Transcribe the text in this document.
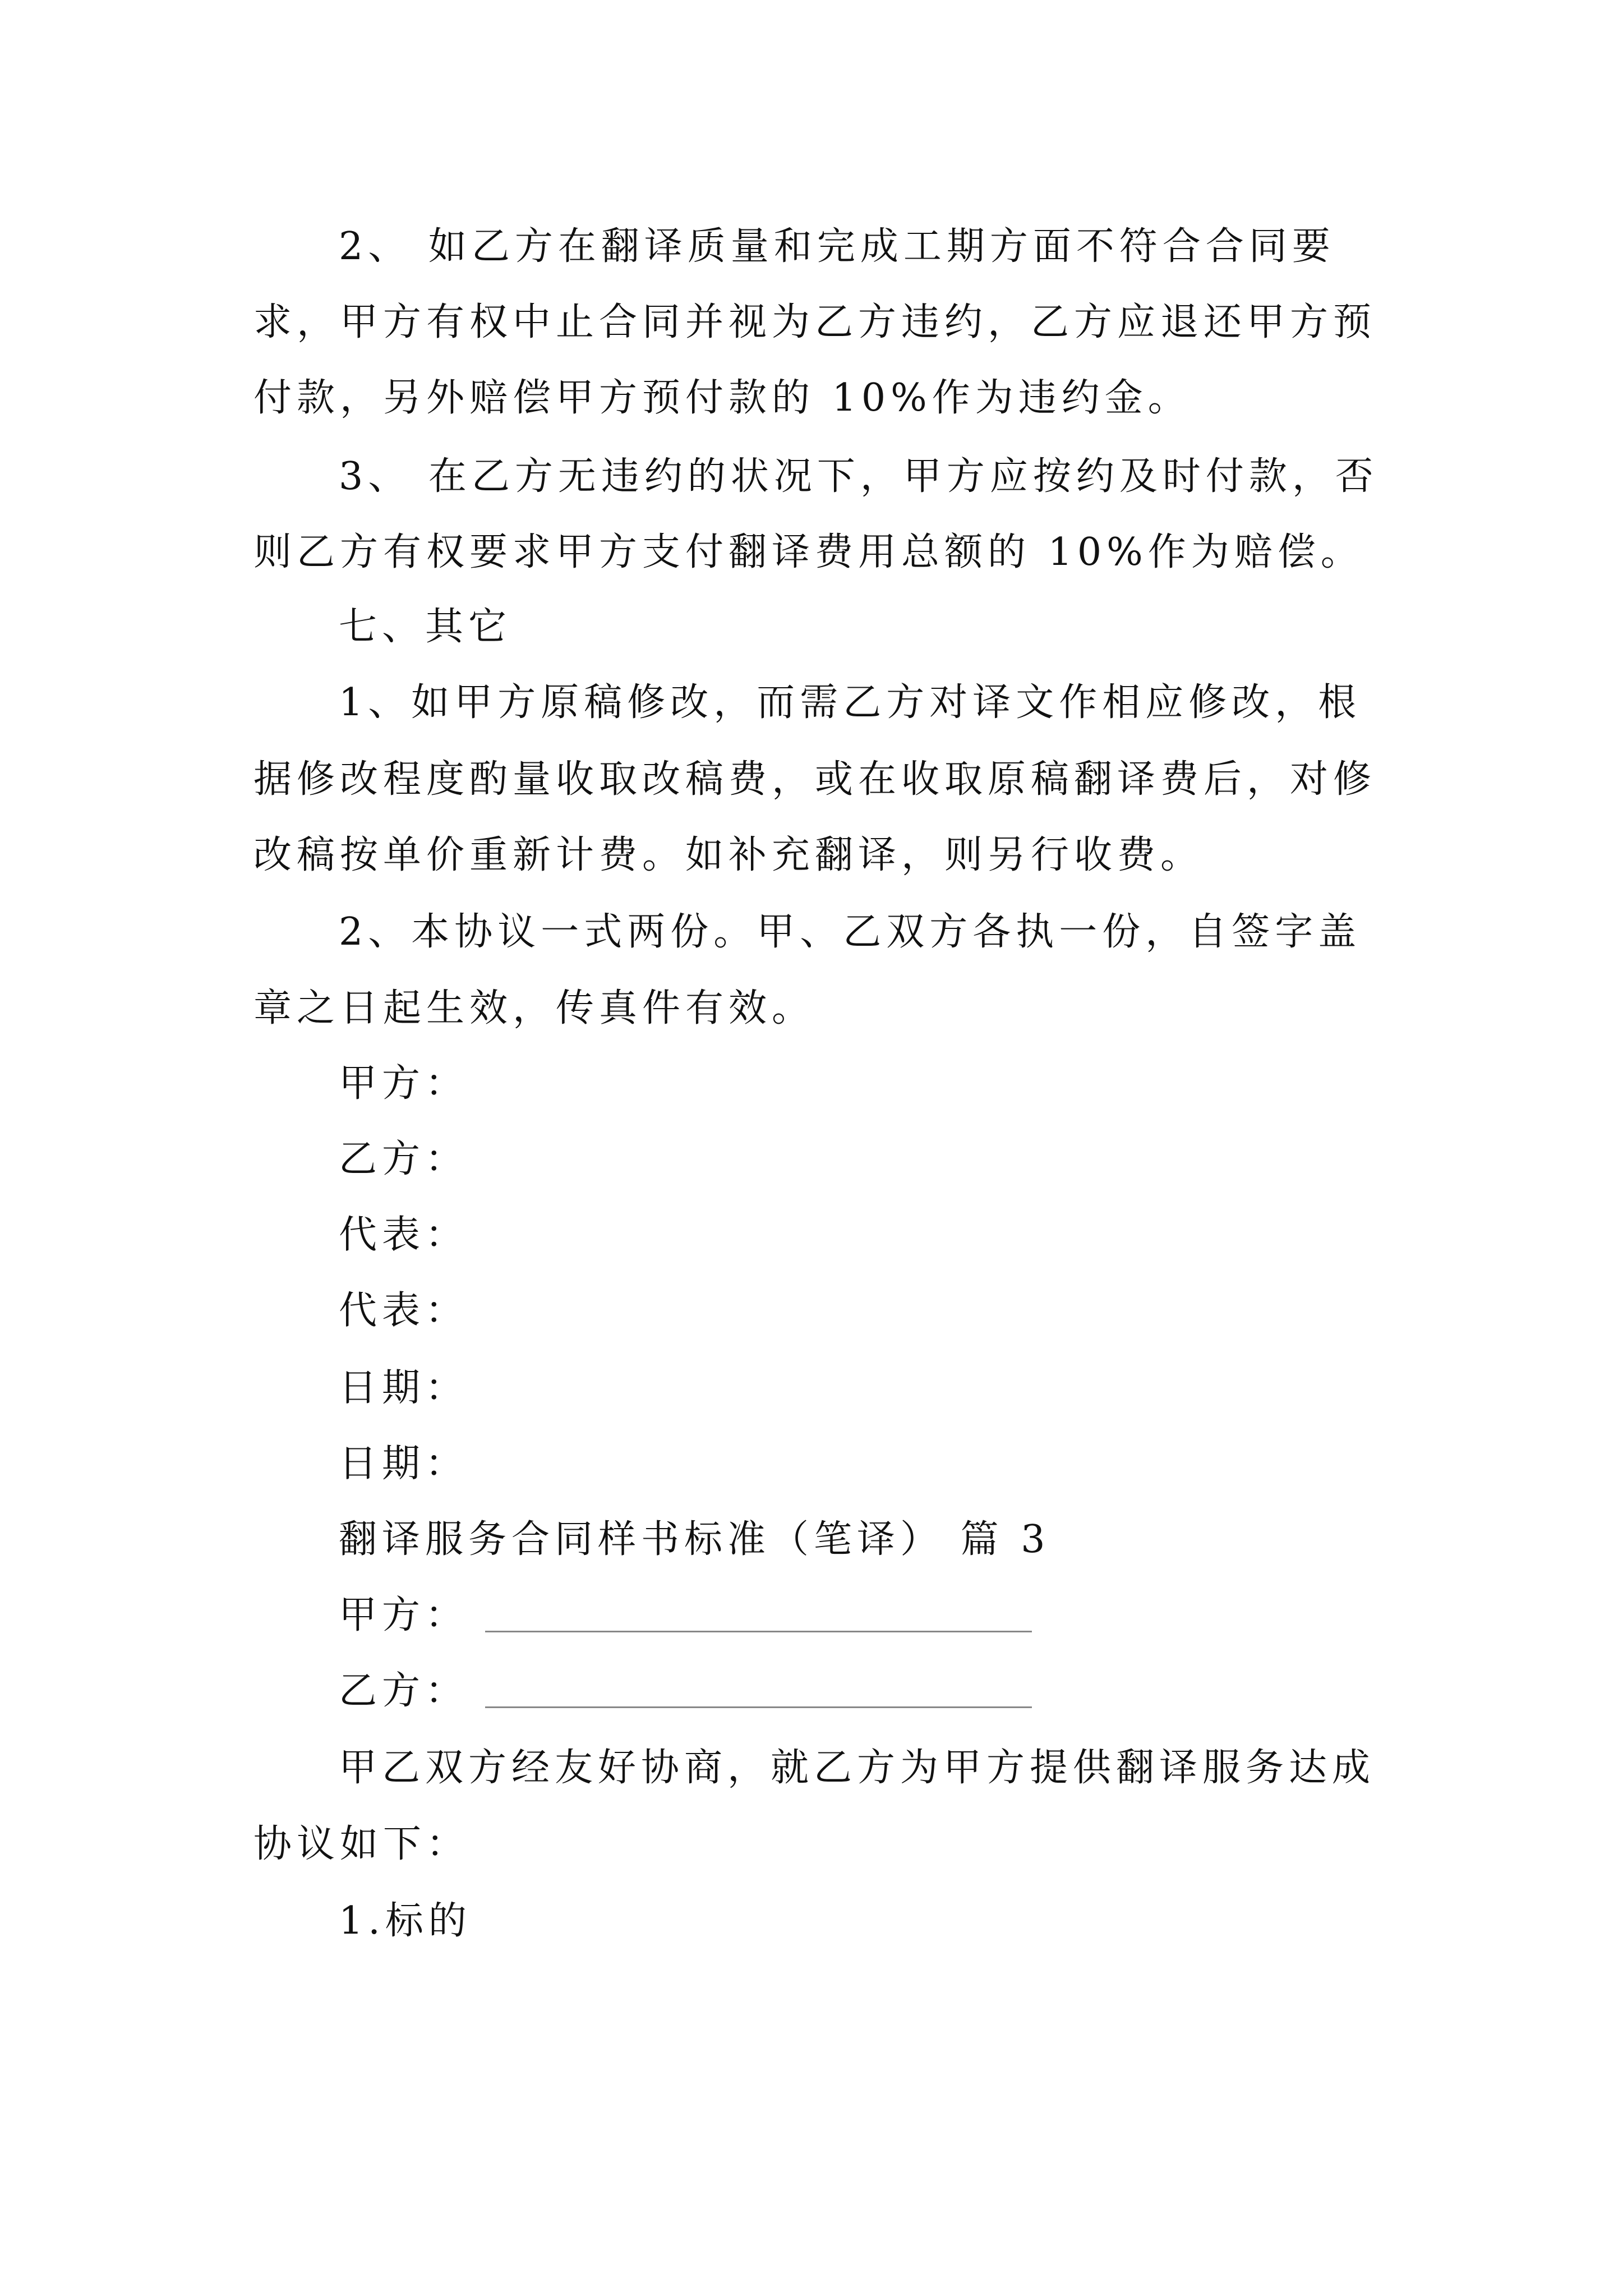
2、 如乙方在翻译质量和完成工期方面不符合合同要
求，甲方有权中止合同并视为乙方违约，乙方应退还甲方预
付款，另外赔偿甲方预付款的 10%作为违约金。
3、 在乙方无违约的状况下，甲方应按约及时付款，否
则乙方有权要求甲方支付翻译费用总额的 10%作为赔偿。
七、其它
1、如甲方原稿修改，而需乙方对译文作相应修改，根
据修改程度酌量收取改稿费，或在收取原稿翻译费后，对修
改稿按单价重新计费。如补充翻译，则另行收费。
2、本协议一式两份。甲、乙双方各执一份，自签字盖
章之日起生效，传真件有效。
甲方：
乙方：
代表：
代表：
日期：
日期：
翻译服务合同样书标准（笔译） 篇 3
甲方：
乙方：
甲乙双方经友好协商，就乙方为甲方提供翻译服务达成
协议如下：
1.标的
